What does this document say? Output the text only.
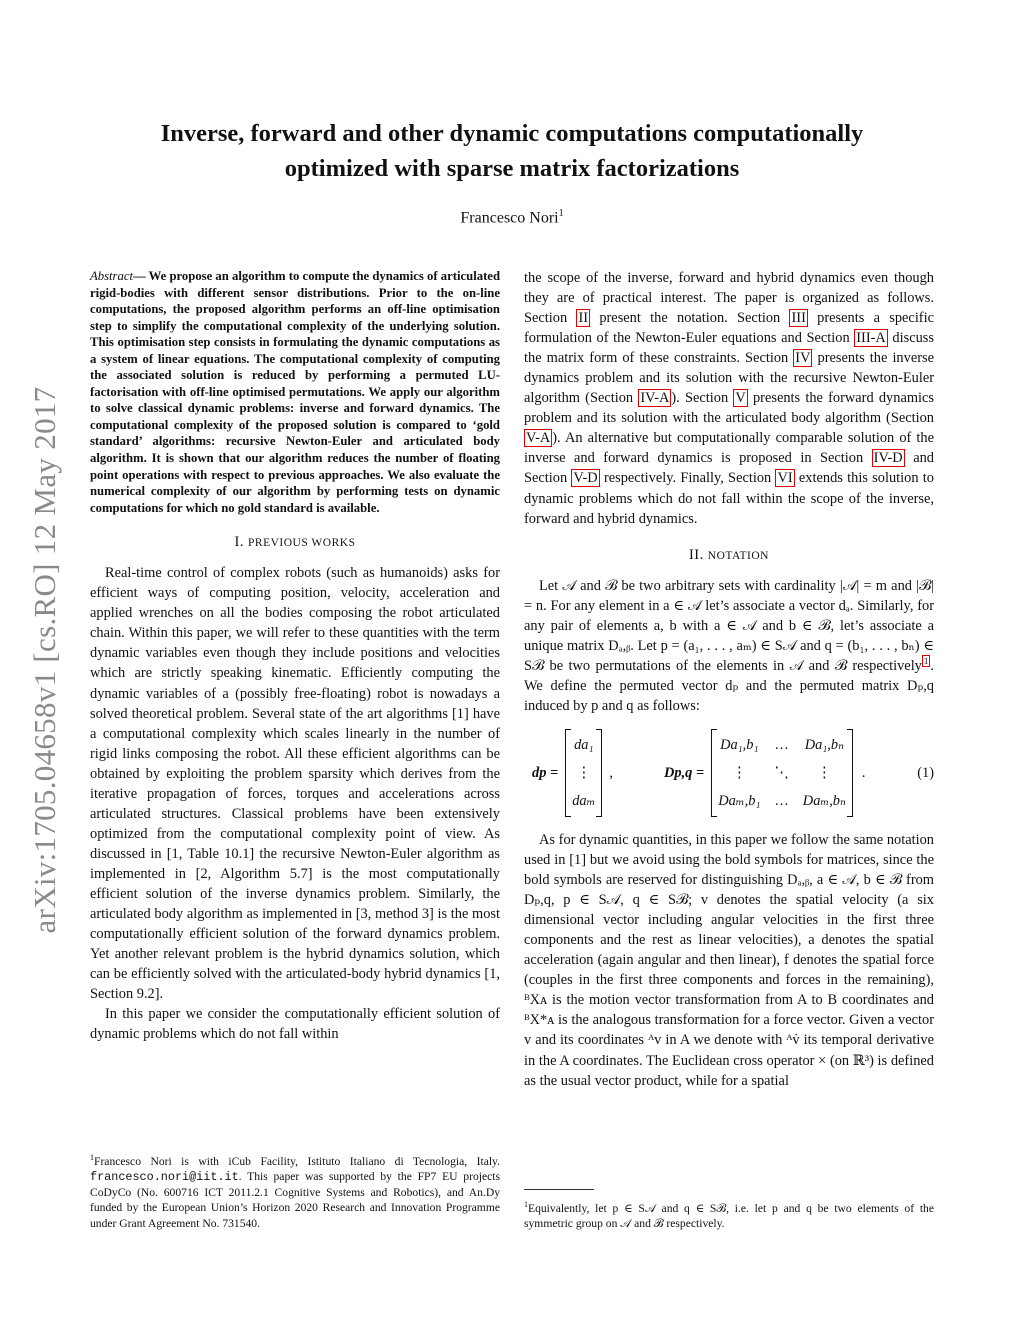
arXiv:1705.04658v1 [cs.RO] 12 May 2017
Inverse, forward and other dynamic computations computationally
optimized with sparse matrix factorizations
Francesco Nori$^1$
Abstract— We propose an algorithm to compute the dynamics of articulated rigid-bodies with different sensor distributions. Prior to the on-line computations, the proposed algorithm performs an off-line optimisation step to simplify the computational complexity of the underlying solution. This optimisation step consists in formulating the dynamic computations as a system of linear equations. The computational complexity of computing the associated solution is reduced by performing a permuted LU-factorisation with off-line optimised permutations. We apply our algorithm to solve classical dynamic problems: inverse and forward dynamics. The computational complexity of the proposed solution is compared to ‘gold standard’ algorithms: recursive Newton-Euler and articulated body algorithm. It is shown that our algorithm reduces the number of floating point operations with respect to previous approaches. We also evaluate the numerical complexity of our algorithm by performing tests on dynamic computations for which no gold standard is available.
I. PREVIOUS WORKS

Real-time control of complex robots (such as humanoids) asks for efficient ways of computing position, velocity, acceleration and applied wrenches on all the bodies composing the robot articulated chain. Within this paper, we will refer to these quantities with the term dynamic variables even though they include positions and velocities which are strictly speaking kinematic. Efficiently computing the dynamic variables of a (possibly free-floating) robot is nowadays a solved theoretical problem. Several state of the art algorithms [1] have a computational complexity which scales linearly in the number of rigid links composing the robot. All these efficient algorithms can be obtained by exploiting the problem sparsity which derives from the iterative propagation of forces, torques and accelerations across articulated structures. Classical problems have been extensively optimized from the computational complexity point of view. As discussed in [1, Table 10.1] the recursive Newton-Euler algorithm as implemented in [2, Algorithm 5.7] is the most computationally efficient solution of the inverse dynamics problem. Similarly, the articulated body algorithm as implemented in [3, method 3] is the most computationally efficient solution of the forward dynamics problem. Yet another relevant problem is the hybrid dynamics solution, which can be efficiently solved with the articulated-body hybrid dynamics [1, Section 9.2].

In this paper we consider the computationally efficient solution of dynamic problems which do not fall within

$^1$Francesco Nori is with iCub Facility, Istituto Italiano di Tecnologia, Italy. francesco.nori@iit.it. This paper was supported by the FP7 EU projects CoDyCo (No. 600716 ICT 2011.2.1 Cognitive Systems and Robotics), and An.Dy funded by the European Union’s Horizon 2020 Research and Innovation Programme under Grant Agreement No. 731540.

the scope of the inverse, forward and hybrid dynamics even though they are of practical interest. The paper is organized as follows. Section II present the notation. Section III presents a specific formulation of the Newton-Euler equations and Section III-A discuss the matrix form of these constraints. Section IV presents the inverse dynamics problem and its solution with the recursive Newton-Euler algorithm (Section IV-A ). Section V presents the forward dynamics problem and its solution with the articulated body algorithm (Section V-A ). An alternative but computationally comparable solution of the inverse and forward dynamics is proposed in Section IV-D and Section V-D respectively. Finally, Section VI extends this solution to dynamic problems which do not fall within the scope of the inverse, forward and hybrid dynamics.

II. NOTATION

Let 𝒜 and ℬ be two arbitrary sets with cardinality |𝒜| = m and |ℬ| = n. For any element in a ∈ 𝒜 let’s associate a vector dₐ. Similarly, for any pair of elements a, b with a ∈ 𝒜 and b ∈ ℬ, let’s associate a unique matrix Dₐ,ᵦ. Let p = (a₁, . . . , aₘ) ∈ S𝒜 and q = (b₁, . . . , bₙ) ∈ Sℬ be two permutations of the elements in 𝒜 and ℬ respectively $^1$ . We define the permuted vector dₚ and the permuted matrix Dₚ,q induced by p and q as follows:

dp =
da₁
⋮
daₘ
,	Dp,q =
Da₁,b₁ … Da₁,bₙ
⋮	⋱	⋮
Daₘ,b₁ … Daₘ,bₙ
.	(1)

As for dynamic quantities, in this paper we follow the same notation used in [1] but we avoid using the bold symbols for matrices, since the bold symbols are reserved for distinguishing Dₐ,ᵦ, a ∈ 𝒜, b ∈ ℬ from Dₚ,q, p ∈ S𝒜, q ∈ Sℬ; v denotes the spatial velocity (a six dimensional vector including angular velocities in the first three components and the rest as linear velocities), a denotes the spatial acceleration (again angular and then linear), f denotes the spatial force (couples in the first three components and forces in the remaining), ᴮXᴀ is the motion vector transformation from A to B coordinates and ᴮX*ᴀ is the analogous transformation for a force vector. Given a vector v and its coordinates ᴬv in A we denote with ᴬv̇ its temporal derivative in the A coordinates. The Euclidean cross operator × (on ℝ³) is defined as the usual vector product, while for a spatial

$^1$Equivalently, let p ∈ S𝒜 and q ∈ Sℬ, i.e. let p and q be two elements of the symmetric group on 𝒜 and ℬ respectively.
